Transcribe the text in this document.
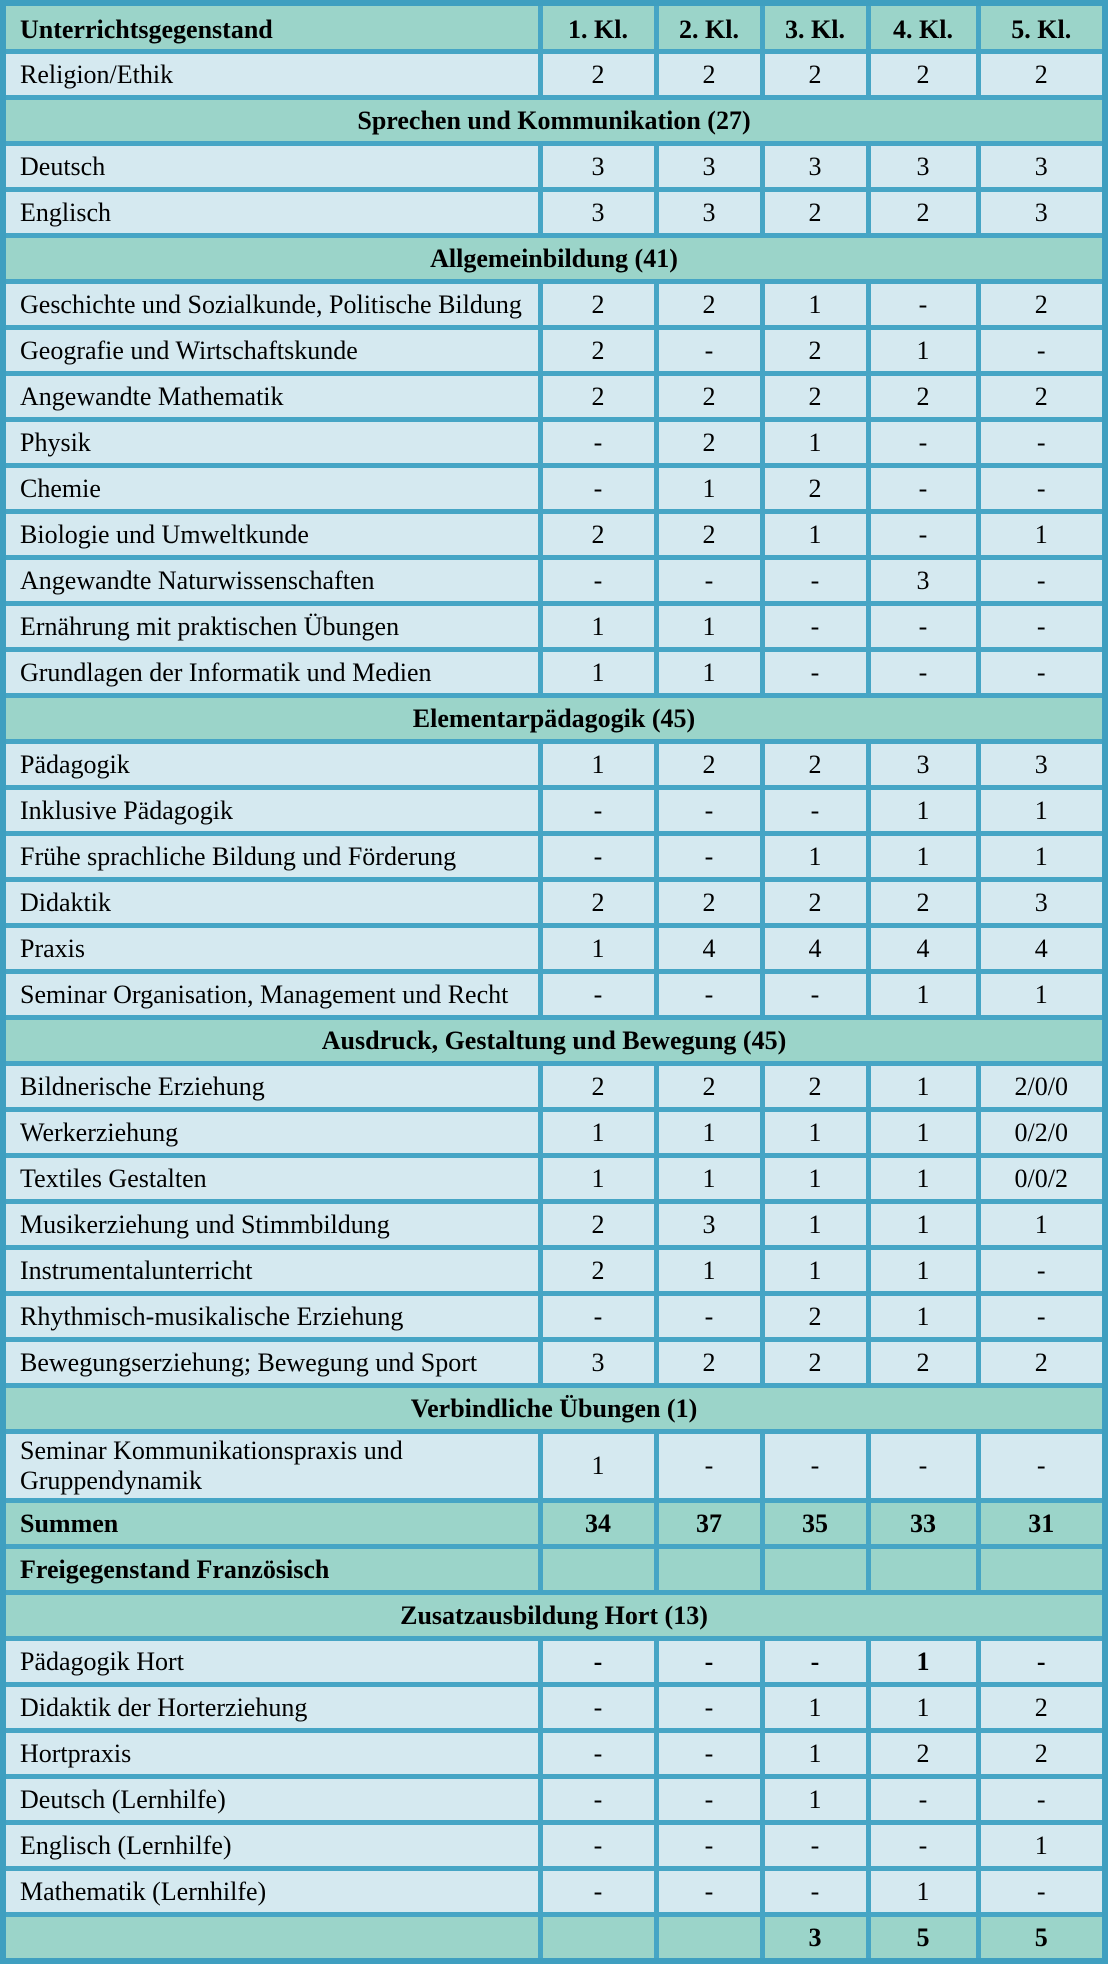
Unterrichtsgegenstand	1. Kl.	2. Kl.	3. Kl.	4. Kl.	5. Kl.
Religion/Ethik	2	2	2	2	2
Sprechen und Kommunikation (27)					
Deutsch	3	3	3	3	3
Englisch	3	3	2	2	3
Allgemeinbildung (41)					
Geschichte und Sozialkunde, Politische Bildung	2	2	1	-	2
Geografie und Wirtschaftskunde	2	-	2	1	-
Angewandte Mathematik	2	2	2	2	2
Physik	-	2	1	-	-
Chemie	-	1	2	-	-
Biologie und Umweltkunde	2	2	1	-	1
Angewandte Naturwissenschaften	-	-	-	3	-
Ernährung mit praktischen Übungen	1	1	-	-	-
Grundlagen der Informatik und Medien	1	1	-	-	-
Elementarpädagogik (45)					
Pädagogik	1	2	2	3	3
Inklusive Pädagogik	-	-	-	1	1
Frühe sprachliche Bildung und Förderung	-	-	1	1	1
Didaktik	2	2	2	2	3
Praxis	1	4	4	4	4
Seminar Organisation, Management und Recht	-	-	-	1	1
Ausdruck, Gestaltung und Bewegung (45)					
Bildnerische Erziehung	2	2	2	1	2/0/0
Werkerziehung	1	1	1	1	0/2/0
Textiles Gestalten	1	1	1	1	0/0/2
Musikerziehung und Stimmbildung	2	3	1	1	1
Instrumentalunterricht	2	1	1	1	-
Rhythmisch-musikalische Erziehung	-	-	2	1	-
Bewegungserziehung; Bewegung und Sport	3	2	2	2	2
Verbindliche Übungen (1)					
Seminar Kommunikationspraxis und Gruppendynamik	1	-	-	-	-
Summen	34	37	35	33	31
Freigegenstand Französisch					
Zusatzausbildung Hort (13)					
Pädagogik Hort	-	-	-	1	-
Didaktik der Horterziehung	-	-	1	1	2
Hortpraxis	-	-	1	2	2
Deutsch (Lernhilfe)	-	-	1	-	-
Englisch (Lernhilfe)	-	-	-	-	1
Mathematik (Lernhilfe)	-	-	-	1	-
			3	5	5
